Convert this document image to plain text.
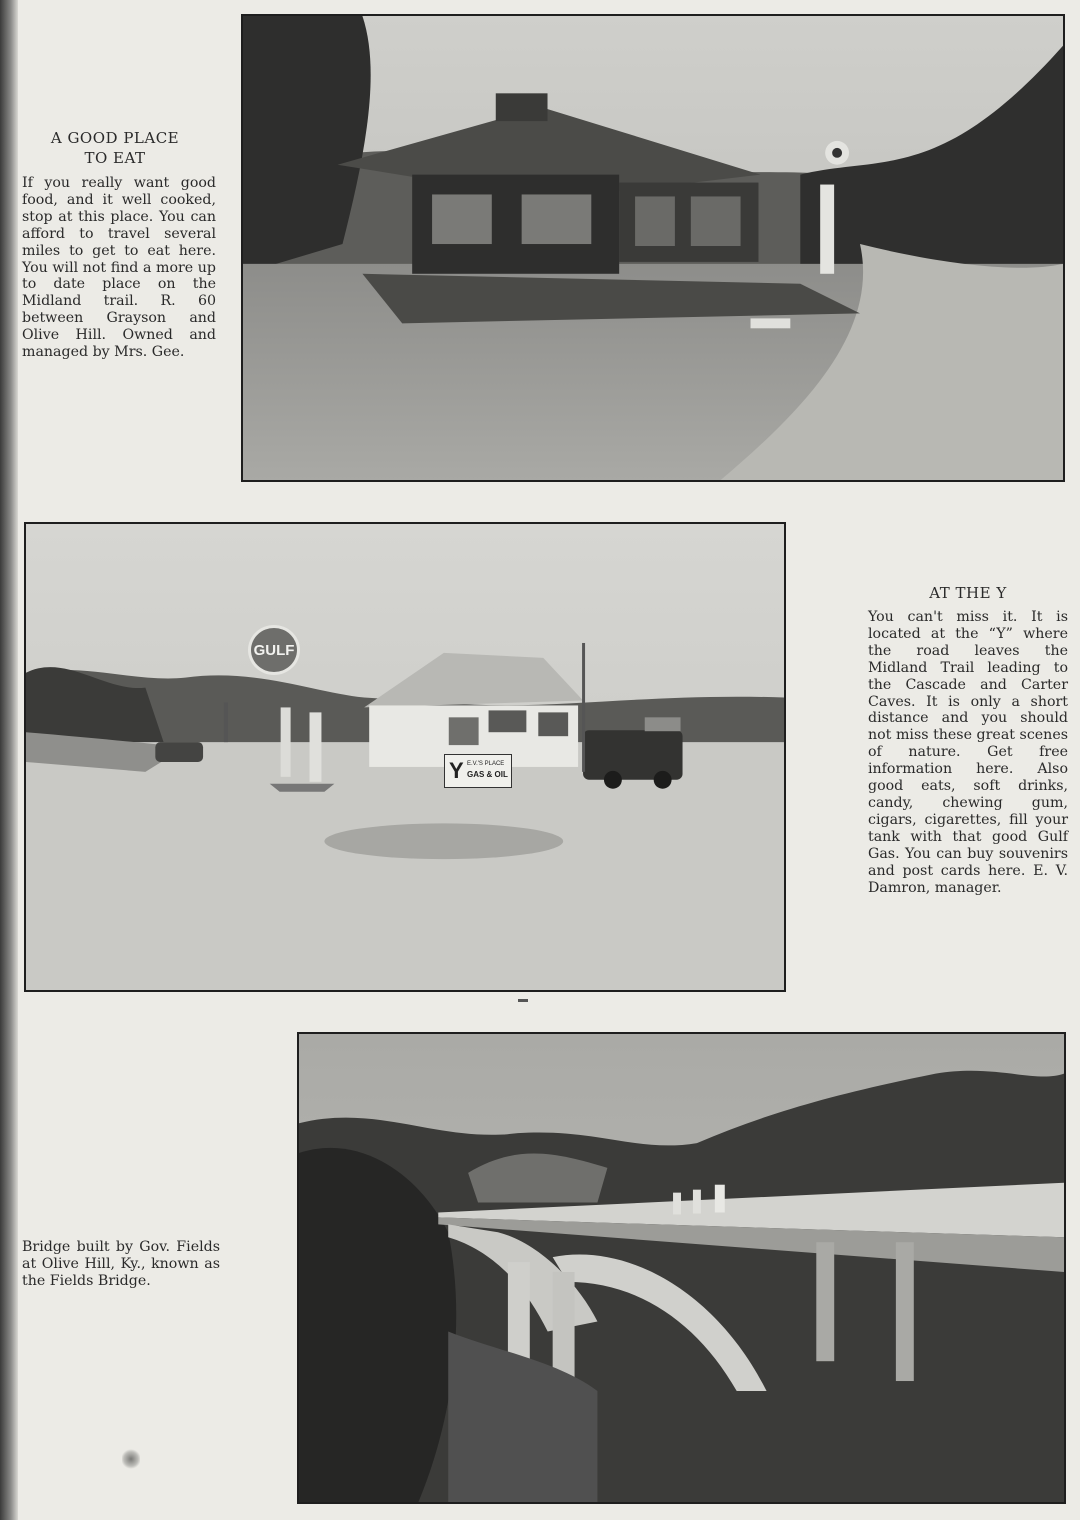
A GOOD PLACE
TO EAT
If you really want good food, and it well cooked, stop at this place. You can afford to travel several miles to get to eat here. You will not find a more up to date place on the Midland trail. R. 60 between Grayson and Olive Hill. Owned and managed by Mrs. Gee.
GULF
Y E.V.'S PLACE
GAS & OIL
AT THE Y
You can't miss it. It is located at the “Y” where the road leaves the Midland Trail leading to the Cascade and Carter Caves. It is only a short distance and you should not miss these great scenes of nature. Get free information here. Also good eats, soft drinks, candy, chewing gum, cigars, cigarettes, fill your tank with that good Gulf Gas. You can buy souvenirs and post cards here. E. V. Damron, manager.
Bridge built by Gov. Fields at Olive Hill, Ky., known as the Fields Bridge.
